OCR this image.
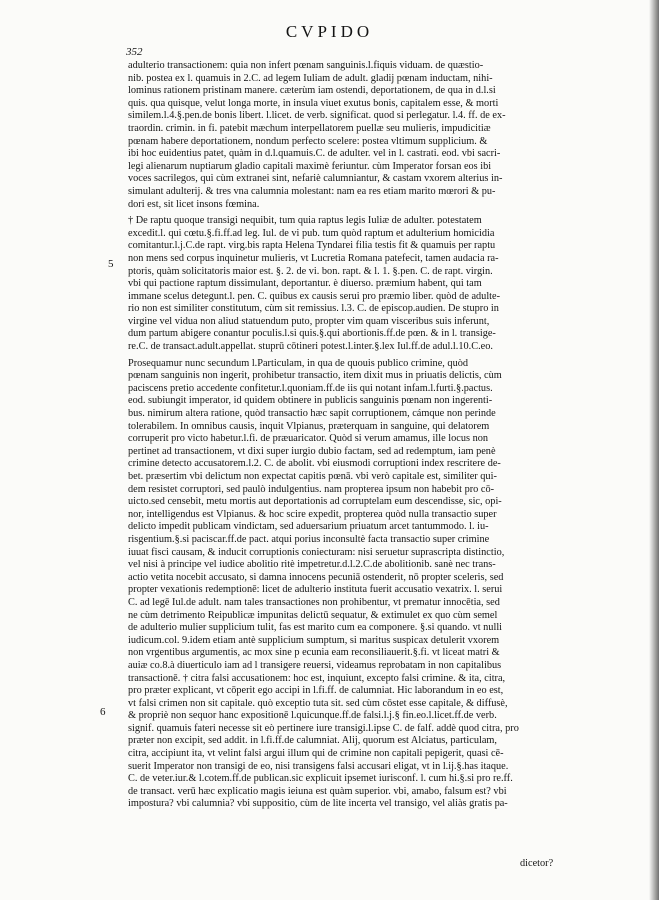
CVPIDO
352
5
6
adulterio transactionem: quia non infert pœnam sanguinis.l.fiquis viduam. de quæstio-
nib. postea ex l. quamuis in 2.C. ad legem Iuliam de adult. gladij pœnam inductam, nihi-
lominus rationem pristinam manere. cæterùm iam ostendi, deportationem, de qua in d.l.si
quis. qua quisque, velut longa morte, in insula viuet exutus bonis, capitalem esse, & morti
similem.l.4.§.pen.de bonis libert. l.licet. de verb. significat. quod si perlegatur. l.4. ff. de ex-
traordin. crimin. in fi. patebit mæchum interpellatorem puellæ seu mulieris, impudicitiæ
pœnam habere deportationem, nondum perfecto scelere: postea vltimum supplicium. &
ibi hoc euidentius patet, quàm in d.l.quamuis.C. de adulter. vel in l. castrati. eod. vbi sacri-
legi alienarum nuptiarum gladio capitali maximè feriuntur. cùm Imperator forsan eos ibi
voces sacrilegos, qui cùm extranei sint, nefariè calumniantur, & castam vxorem alterius in-
simulant adulterij. & tres vna calumnia molestant: nam ea res etiam marito mœrori & pu-
dori est, sit licet insons fœmina.
† De raptu quoque transigi nequibit, tum quia raptus legis Iuliæ de adulter. potestatem
excedit.l. qui cœtu.§.fi.ff.ad leg. Iul. de vi pub. tum quòd raptum et adulterium homicidia
comitantur.l.j.C.de rapt. virg.bis rapta Helena Tyndarei filia testis fit & quamuis per raptu
non mens sed corpus inquinetur mulieris, vt Lucretia Romana patefecit, tamen audacia ra-
ptoris, quàm solicitatoris maior est. §. 2. de vi. bon. rapt. & l. 1. §.pen. C. de rapt. virgin.
vbi qui pactione raptum dissimulant, deportantur. è diuerso. præmium habent, qui tam
immane scelus detegunt.l. pen. C. quibus ex causis serui pro præmio liber. quòd de adulte-
rio non est similiter constitutum, cùm sit remissius. l.3. C. de episcop.audien. De stupro in
virgine vel vidua non aliud statuendum puto, propter vim quam visceribus suis inferunt,
dum partum abigere conantur poculis.l.si quis.§.qui abortionis.ff.de pœn. & in l. transige-
re.C. de transact.adult.appellat. stuprū cōtineri potest.l.inter.§.lex Iul.ff.de adul.l.10.C.eo.
Prosequamur nunc secundum l.Particulam, in qua de quouis publico crimine, quòd
pœnam sanguinis non ingerit, prohibetur transactio, item dixit mus in priuatis delictis, cùm
paciscens pretio accedente confitetur.l.quoniam.ff.de iis qui notant infam.l.furti.§.pactus.
eod. subiungit imperator, id quidem obtinere in publicis sanguinis pœnam non ingerenti-
bus. nimirum altera ratione, quòd transactio hæc sapit corruptionem, cámque non perinde
tolerabilem. In omnibus causis, inquit Vlpianus, præterquam in sanguine, qui delatorem
corruperit pro victo habetur.l.fi. de præuaricator. Quòd si verum amamus, ille locus non
pertinet ad transactionem, vt dixi super iurgio dubio factam, sed ad redemptum, iam penè
crimine detecto accusatorem.l.2. C. de abolit. vbi eiusmodi corruptioni index rescritere de-
bet. præsertim vbi delictum non expectat capitis pœnā. vbi verò capitale est, similiter qui-
dem resistet corruptori, sed paulò indulgentius. nam propterea ipsum non habebit pro cō-
uicto.sed censebit, metu mortis aut deportationis ad corruptelam eum descendisse, sic, opi-
nor, intelligendus est Vlpianus. & hoc scire expedit, propterea quòd nulla transactio super
delicto impedit publicam vindictam, sed aduersarium priuatum arcet tantummodo. l. iu-
risgentium.§.si paciscar.ff.de pact. atqui porius inconsultè facta transactio super crimine
iuuat fisci causam, & inducit corruptionis coniecturam: nisi seruetur suprascripta distinctio,
vel nisi à principe vel iudice abolitio ritè impetretur.d.l.2.C.de abolitionib. sanè nec trans-
actio vetita nocebit accusato, si damna innocens pecuniā ostenderit, nō propter sceleris, sed
propter vexationis redemptionē: licet de adulterio instituta fuerit accusatio vexatrix. l. serui
C. ad legē Iul.de adult. nam tales transactiones non prohibentur, vt prematur innocētia, sed
ne cùm detrimento Reipublicæ impunitas delictū sequatur, & extimulet ex quo cùm semel
de adulterio mulier supplicium tulit, fas est marito cum ea componere. §.si quando. vt nulli
iudicum.col. 9.idem etiam antè supplicium sumptum, si maritus suspicax detulerit vxorem
non vrgentibus argumentis, ac mox sine p ecunia eam reconsiliauerit.§.fi. vt liceat matri &
auiæ co.8.à diuerticulo iam ad l transigere reuersi, videamus reprobatam in non capitalibus
transactionē. † citra falsi accusationem: hoc est, inquiunt, excepto falsi crimine. & ita, citra,
pro præter explicant, vt cōperit ego accipi in l.fi.ff. de calumniat. Hic laborandum in eo est,
vt falsi crimen non sit capitale. quò exceptio tuta sit. sed cùm cōstet esse capitale, & diffusè,
& propriè non sequor hanc expositionē l.quicunque.ff.de falsi.l.j.§ fin.eo.l.licet.ff.de verb.
signif. quamuis fateri necesse sit eò pertinere iure transigi.l.ipse C. de falf. addè quod citra, pro
præter non excipit, sed addit. in l.fi.ff.de calumniat. Alij, quorum est Alciatus, particulam,
citra, accipiunt ita, vt velint falsi argui illum qui de crimine non capitali pepigerit, quasi cē-
suerit Imperator non transigi de eo, nisi transigens falsi accusari eligat, vt in l.ij.§.has itaque.
C. de veter.iur.& l.cotem.ff.de publican.sic explicuit ipsemet iurisconf. l. cum hi.§.si pro re.ff.
de transact. verū hæc explicatio magis ieiuna est quàm superior. vbi, amabo, falsum est? vbi
impostura? vbi calumnia? vbi suppositio, cùm de lite incerta vel transigo, vel aliàs gratis pa-
dicetor?
